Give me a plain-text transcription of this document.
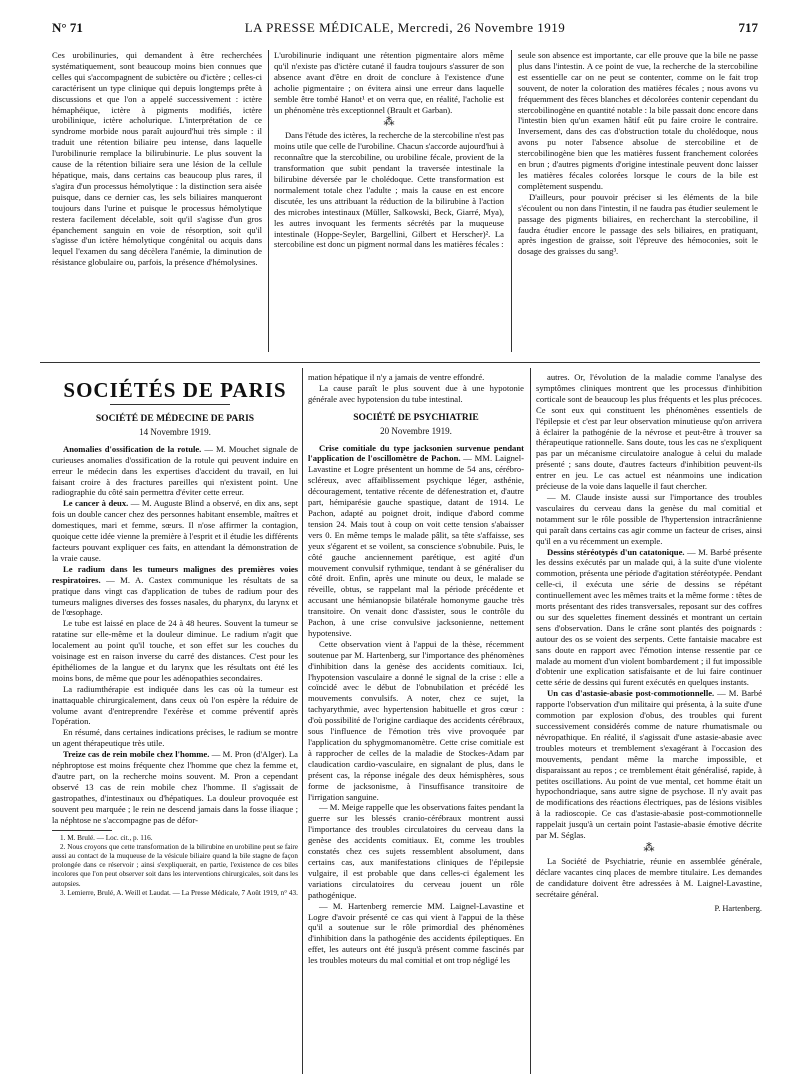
N° 71	LA PRESSE MÉDICALE, Mercredi, 26 Novembre 1919	717

Ces urobilinuries, qui demandent à être recherchées systématiquement, sont beaucoup moins bien connues que celles qui s'accompagnent de subictère ou d'ictère ; celles-ci caractérisent un type clinique qui depuis longtemps prête à discussions et que l'on a appelé successivement : ictère hémaphéique, ictère à pigments modifiés, ictère urobilinique, ictère acholurique. L'interprétation de ce syndrome morbide nous paraît aujourd'hui très simple : il traduit une rétention biliaire peu intense, dans laquelle l'urobilinurie remplace la bilirubinurie. Le plus souvent la cause de la rétention biliaire sera une lésion de la cellule hépatique, mais, dans certains cas beaucoup plus rares, il s'agira d'un processus hémolytique : la distinction sera aisée puisque, dans ce dernier cas, les sels biliaires manqueront toujours dans l'urine et puisque le processus hémolytique restera facilement décelable, soit qu'il s'agisse d'un gros épanchement sanguin en voie de résorption, soit qu'il s'agisse d'un ictère hémolytique congénital ou acquis dans lequel l'examen du sang décèlera l'anémie, la diminution de résistance globulaire ou, parfois, la présence d'hémolysines.

L'urobilinurie indiquant une rétention pigmentaire alors même qu'il n'existe pas d'ictère cutané il faudra toujours s'assurer de son absence avant d'être en droit de conclure à l'existence d'une acholie pigmentaire ; on évitera ainsi une erreur dans laquelle semble être tombé Hanot¹ et on verra que, en réalité, l'acholie est un phénomène très exceptionnel (Brault et Garban).

⁂

Dans l'étude des ictères, la recherche de la stercobiline n'est pas moins utile que celle de l'urobiline. Chacun s'accorde aujourd'hui à reconnaître que la stercobiline, ou urobiline fécale, provient de la transformation que subit pendant la traversée intestinale la bilirubine déversée par le cholédoque. Cette transformation est normalement totale chez l'adulte ; mais la cause en est encore discutée, les uns attribuant la réduction de la bilirubine à l'action des microbes intestinaux (Müller, Salkowski, Beck, Giarré, Mya), les autres invoquant les ferments sécrétés par la muqueuse intestinale (Hoppe-Seyler, Bargellini, Gilbert et Herscher)². La stercobiline est donc un pigment normal dans les matières fécales :

seule son absence est importante, car elle prouve que la bile ne passe plus dans l'intestin. A ce point de vue, la recherche de la stercobiline est essentielle car on ne peut se contenter, comme on le fait trop souvent, de noter la coloration des matières fécales ; nous avons vu fréquemment des fèces blanches et décolorées contenir cependant du stercobilinogène en quantité notable : la bile passait donc encore dans l'intestin bien qu'un examen hâtif eût pu faire croire le contraire. Inversement, dans des cas d'obstruction totale du cholédoque, nous avons pu noter l'absence absolue de stercobiline et de stercobilinogène bien que les matières fussent franchement colorées en brun ; d'autres pigments d'origine intestinale peuvent donc laisser les matières fécales colorées lorsque le cours de la bile est complètement suspendu.

D'ailleurs, pour pouvoir préciser si les éléments de la bile s'écoulent ou non dans l'intestin, il ne faudra pas étudier seulement le passage des pigments biliaires, en recherchant la stercobiline, il faudra étudier encore le passage des sels biliaires, en pratiquant, après ingestion de graisse, soit l'épreuve des hémoconies, soit le dosage des graisses du sang³.

SOCIÉTÉS DE PARIS
SOCIÉTÉ DE MÉDECINE DE PARIS
14 Novembre 1919.

Anomalies d'ossification de la rotule. — M. Mouchet signale de curieuses anomalies d'ossification de la rotule qui peuvent induire en erreur le médecin dans les expertises d'accident du travail, en lui faisant croire à des fractures pareilles qui n'existent point. Une radiographie du côté sain permettra d'éviter cette erreur.

Le cancer à deux. — M. Auguste Blind a observé, en dix ans, sept fois un double cancer chez des personnes habitant ensemble, maîtres et domestiques, mari et femme, sœurs. Il n'ose affirmer la contagion, quoique cette idée vienne la première à l'esprit et il étudie les différents facteurs pouvant expliquer ces faits, en attendant la démonstration de la vraie cause.

Le radium dans les tumeurs malignes des premières voies respiratoires. — M. A. Castex communique les résultats de sa pratique dans vingt cas d'application de tubes de radium pour des tumeurs malignes diverses des fosses nasales, du pharynx, du larynx et de l'œsophage.

Le tube est laissé en place de 24 à 48 heures. Souvent la tumeur se ratatine sur elle-même et la douleur diminue. Le radium n'agit que localement au point qu'il touche, et son effet sur les couches du voisinage est en raison inverse du carré des distances. C'est pour les épithéliomes de la langue et du larynx que les résultats ont été les moins bons, de même que pour les adénopathies secondaires.

La radiumthérapie est indiquée dans les cas où la tumeur est inattaquable chirurgicalement, dans ceux où l'on espère la réduire de volume avant d'entreprendre l'exérèse et comme préventif après l'opération.

En résumé, dans certaines indications précises, le radium se montre un agent thérapeutique très utile.

Treize cas de rein mobile chez l'homme. — M. Pron (d'Alger). La néphroptose est moins fréquente chez l'homme que chez la femme et, d'autre part, on la recherche moins souvent. M. Pron a cependant observé 13 cas de rein mobile chez l'homme. Il s'agissait de gastropathes, d'intestinaux ou d'hépatiques. La douleur provoquée est souvent peu marquée ; le rein ne descend jamais dans la fosse iliaque ; la néphtose ne s'accompagne pas de défor-

1. M. Brulé. — Loc. cit., p. 116.
2. Nous croyons que cette transformation de la bilirubine en urobiline peut se faire aussi au contact de la muqueuse de la vésicule biliaire quand la bile stagne de façon prolongée dans ce réservoir ; ainsi s'expliquerait, en partie, l'existence de ces biles incolores que l'on peut observer soit dans les interventions chirurgicales, soit dans les autopsies.
3. Lemierre, Brulé, A. Weill et Laudat. — La Presse Médicale, 7 Août 1919, n° 43.

mation hépatique il n'y a jamais de ventre effondré.

La cause paraît le plus souvent due à une hypotonie générale avec hypotension du tube intestinal.

SOCIÉTÉ DE PSYCHIATRIE
20 Novembre 1919.

Crise comitiale du type jacksonien survenue pendant l'application de l'oscillomètre de Pachon. — MM. Laignel-Lavastine et Logre présentent un homme de 54 ans, cérébro-scléreux, avec affaiblissement psychique léger, asthénie, découragement, tentative récente de défenestration et, d'autre part, hémiparésie gauche spastique, datant de 1914. Le Pachon, adapté au poignet droit, indique d'abord comme tension 24. Mais tout à coup on voit cette tension s'abaisser vers 0. En même temps le malade pâlit, sa tête s'affaisse, ses yeux s'égarent et se voilent, sa conscience s'obnubile. Puis, le côté gauche anciennement parétique, est agité d'un mouvement convulsif rythmique, tendant à se généraliser du côté droit. Enfin, après une minute ou deux, le malade se réveille, obtus, se rappelant mal la période précédente et accusant une hémianopsie bilatérale homonyme gauche très transitoire. On venait donc d'assister, sous le contrôle du Pachon, à une crise convulsive jacksonienne, nettement hypotensive.

Cette observation vient à l'appui de la thèse, récemment soutenue par M. Hartenberg, sur l'importance des phénomènes d'inhibition dans la genèse des accidents comitiaux. Ici, l'hypotension vasculaire a donné le signal de la crise : elle a coïncidé avec le début de l'obnubilation et précédé les mouvements convulsifs. A noter, chez ce sujet, la tachyarythmie, avec hypertension habituelle et gros cœur : d'où possibilité de l'origine cardiaque des accidents cérébraux, sous l'influence de l'émotion très vive provoquée par l'application du sphygmomanomètre. Cette crise comitiale est à rapprocher de celles de la maladie de Stockes-Adam par claudication cardio-vasculaire, en signalant de plus, dans le présent cas, la réponse inégale des deux hémisphères, sous forme de jacksonisme, à l'insuffisance transitoire de l'irrigation sanguine.

— M. Meige rappelle que les observations faites pendant la guerre sur les blessés cranio-cérébraux montrent aussi l'importance des troubles circulatoires du cerveau dans la genèse des accidents comitiaux. Et, comme les troubles constatés chez ces sujets ressemblent absolument, dans certains cas, aux manifestations cliniques de l'épilepsie vulgaire, il est probable que dans celles-ci également les variations circulatoires du cerveau jouent un rôle pathogénique.

— M. Hartenberg remercie MM. Laignel-Lavastine et Logre d'avoir présenté ce cas qui vient à l'appui de la thèse qu'il a soutenue sur le rôle primordial des phénomènes d'inhibition dans la pathogénie des accidents épileptiques. En effet, les auteurs ont été jusqu'à présent comme fascinés par les troubles moteurs du mal comitial et ont trop négligé les

autres. Or, l'évolution de la maladie comme l'analyse des symptômes cliniques montrent que les processus d'inhibition corticale sont de beaucoup les plus fréquents et les plus précoces. Ce sont eux qui constituent les phénomènes essentiels de l'épilepsie et c'est par leur observation minutieuse qu'on arrivera à éclairer la pathogénie de la névrose et peut-être à trouver sa thérapeutique rationnelle. Sans doute, tous les cas ne s'expliquent pas par un mécanisme circulatoire analogue à celui du malade présenté ; sans doute, d'autres facteurs d'inhibition peuvent-ils entrer en jeu. Le cas actuel est néanmoins une indication précieuse de la voie dans laquelle il faut chercher.

— M. Claude insiste aussi sur l'importance des troubles vasculaires du cerveau dans la genèse du mal comitial et notamment sur le rôle possible de l'hypertension intracrânienne qui paraît dans certains cas agir comme un facteur de crises, ainsi qu'il en a vu récemment un exemple.

Dessins stéréotypés d'un catatonique. — M. Barbé présente les dessins exécutés par un malade qui, à la suite d'une violente commotion, présenta une période d'agitation stéréotypée. Pendant celle-ci, il exécuta une série de dessins se répétant continuellement avec les mêmes traits et la même forme : têtes de morts présentant des rides transversales, reposant sur des coffres ou sur des squelettes finement dessinés et montrant un certain sens d'observation. Dans le crâne sont plantés des poignards : autour des os se voient des serpents. Cette fantaisie macabre est sans doute en rapport avec l'émotion intense ressentie par ce malade au moment d'un violent bombardement ; il fut impossible d'obtenir une explication satisfaisante et de lui faire continuer cette série de dessins qui furent exécutés en quelques instants.

Un cas d'astasie-abasie post-commotionnelle. — M. Barbé rapporte l'observation d'un militaire qui présenta, à la suite d'une commotion par explosion d'obus, des troubles qui furent successivement considérés comme de nature rhumatismale ou névropathique. En réalité, il s'agissait d'une astasie-abasie avec troubles moteurs et tremblement s'exagérant à l'occasion des mouvements, pendant même la marche impossible, et disparaissant au repos ; ce tremblement était généralisé, rapide, à petites oscillations. Au point de vue mental, cet homme était un hypochondriaque, sans autre signe de psychose. Il n'y avait pas de modifications des réactions électriques, pas de lésions visibles à la radioscopie. Ce cas d'astasie-abasie post-commotionnelle rappelait jusqu'à un certain point l'astasie-abasie émotive décrite par M. Séglas.

⁂

La Société de Psychiatrie, réunie en assemblée générale, déclare vacantes cinq places de membre titulaire. Les demandes de candidature doivent être adressées à M. Laignel-Lavastine, secrétaire général.

P. Hartenberg.
